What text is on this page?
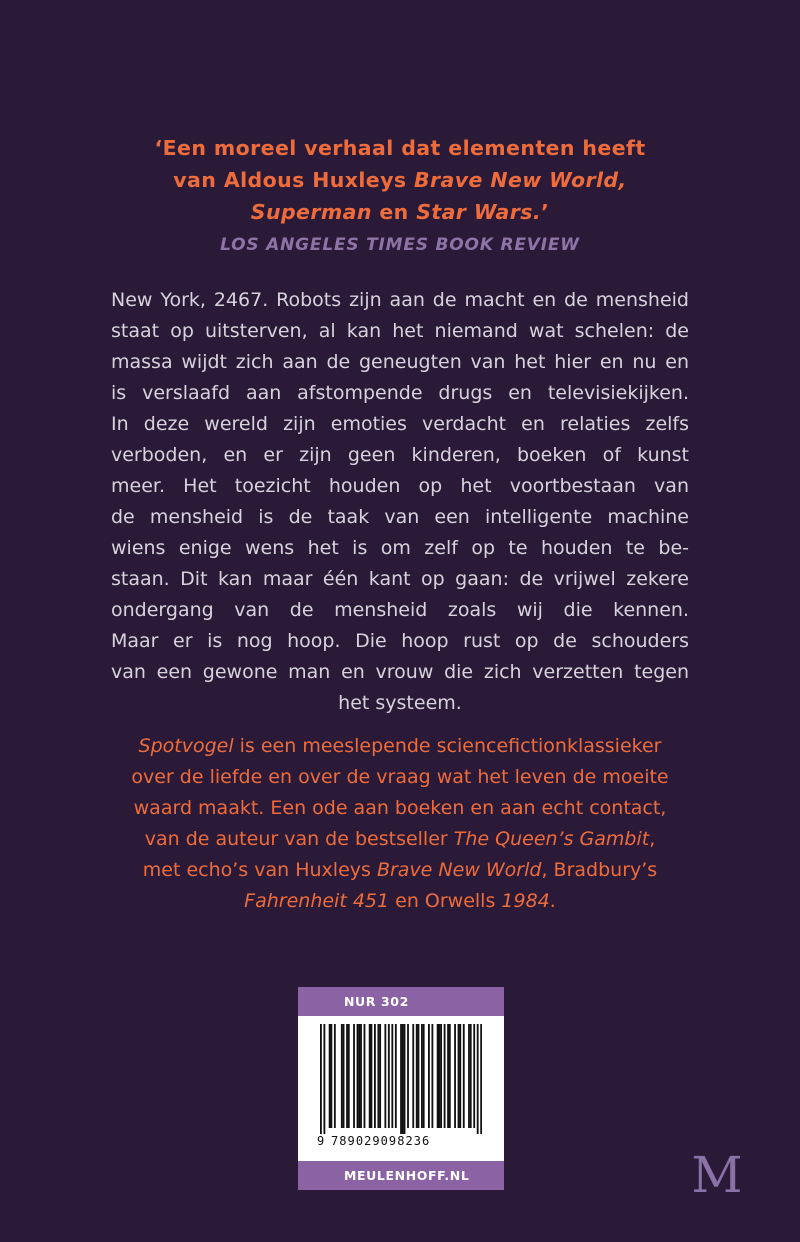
‘Een moreel verhaal dat elementen heeft
van Aldous Huxleys Brave New World,
Superman en Star Wars.’
LOS ANGELES TIMES BOOK REVIEW
New York, 2467. Robots zijn aan de macht en de mensheid
staat op uitsterven, al kan het niemand wat schelen: de
massa wijdt zich aan de geneugten van het hier en nu en
is verslaafd aan afstompende drugs en televisiekijken.
In deze wereld zijn emoties verdacht en relaties zelfs
verboden, en er zijn geen kinderen, boeken of kunst
meer. Het toezicht houden op het voortbestaan van
de mensheid is de taak van een intelligente machine
wiens enige wens het is om zelf op te houden te be-
staan. Dit kan maar één kant op gaan: de vrijwel zekere
ondergang van de mensheid zoals wij die kennen.
Maar er is nog hoop. Die hoop rust op de schouders
van een gewone man en vrouw die zich verzetten tegen
het systeem.
Spotvogel is een meeslepende sciencefictionklassieker
over de liefde en over de vraag wat het leven de moeite
waard maakt. Een ode aan boeken en aan echt contact,
van de auteur van de bestseller The Queen’s Gambit,
met echo’s van Huxleys Brave New World, Bradbury’s
Fahrenheit 451 en Orwells 1984.
NUR 302
9 789029098236
MEULENHOFF.NL	M
